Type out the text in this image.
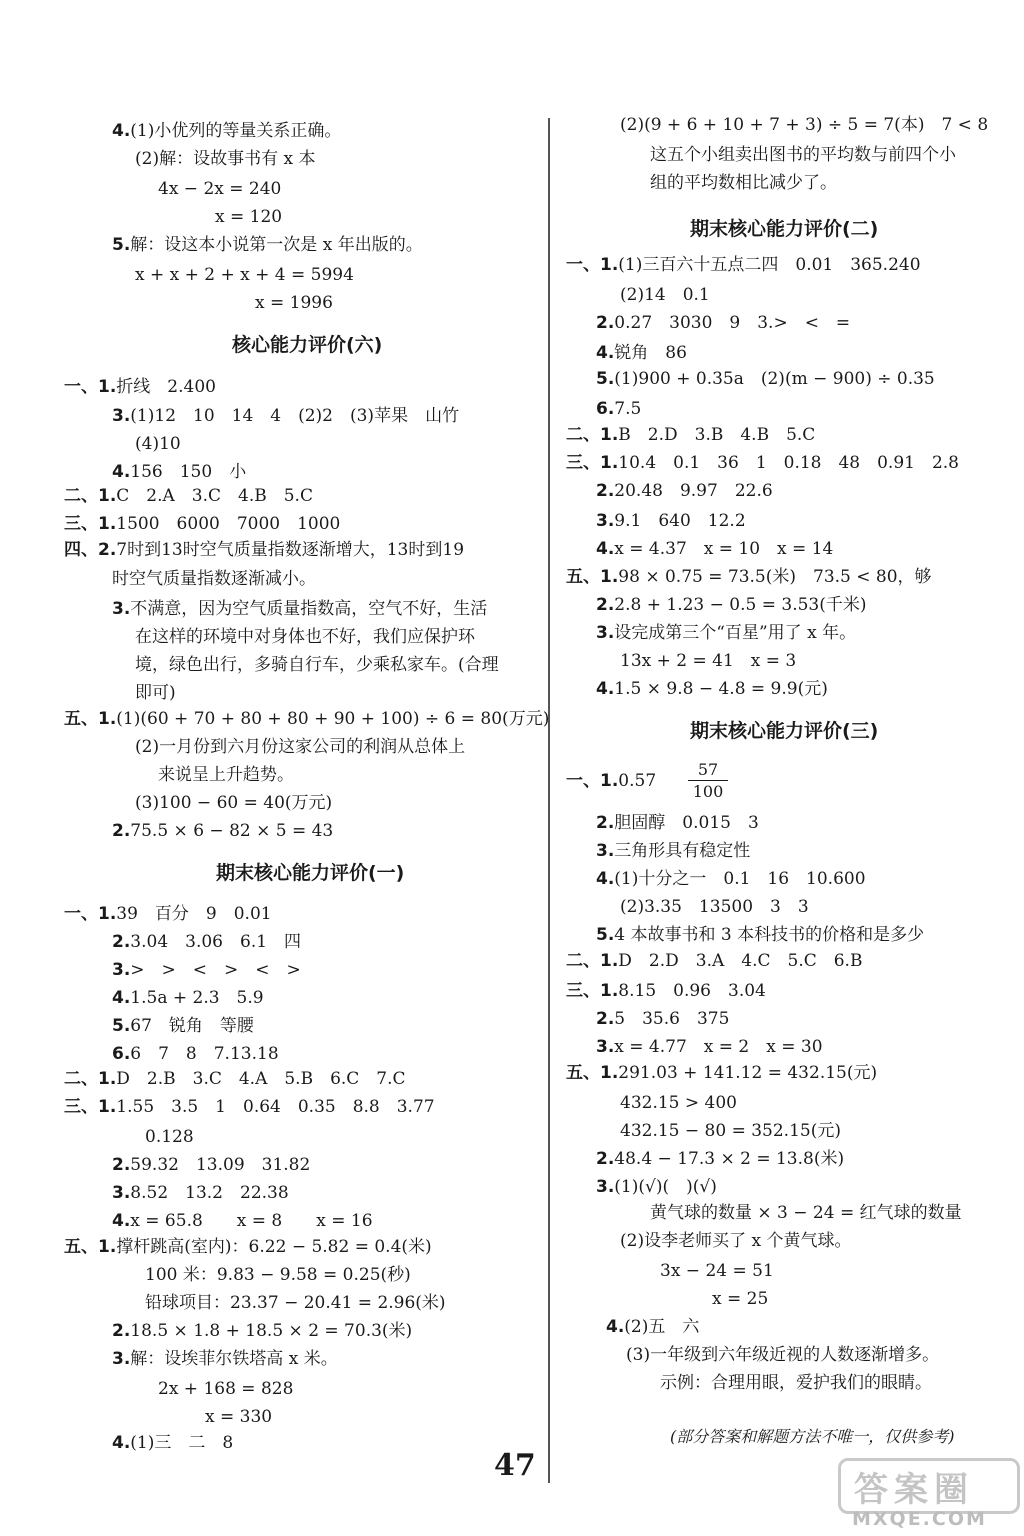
4.(1)小优列的等量关系正确。
(2)解：设故事书有 x 本
4x − 2x = 240
x = 120
5.解：设这本小说第一次是 x 年出版的。
x + x + 2 + x + 4 = 5994
x = 1996
一、1.折线　2.400
3.(1)12　10　14　4　(2)2　(3)苹果　山竹
(4)10
4.156　150　小
二、1.C　2.A　3.C　4.B　5.C
三、1.1500　6000　7000　1000
四、2.7时到13时空气质量指数逐渐增大，13时到19
时空气质量指数逐渐减小。
3.不满意，因为空气质量指数高，空气不好，生活
在这样的环境中对身体也不好，我们应保护环
境，绿色出行，多骑自行车，少乘私家车。(合理
即可)
五、1.(1)(60 + 70 + 80 + 80 + 90 + 100) ÷ 6 = 80(万元)
(2)一月份到六月份这家公司的利润从总体上
来说呈上升趋势。
(3)100 − 60 = 40(万元)
2.75.5 × 6 − 82 × 5 = 43
一、1.39　百分　9　0.01
2.3.04　3.06　6.1　四
3.>　>　<　>　<　>
4.1.5a + 2.3　5.9
5.67　锐角　等腰
6.6　7　8　7.13.18
二、1.D　2.B　3.C　4.A　5.B　6.C　7.C
三、1.1.55　3.5　1　0.64　0.35　8.8　3.77
0.128
2.59.32　13.09　31.82
3.8.52　13.2　22.38
4.x = 65.8　　x = 8　　x = 16
五、1.撑杆跳高(室内)：6.22 − 5.82 = 0.4(米)
100 米：9.83 − 9.58 = 0.25(秒)
铅球项目：23.37 − 20.41 = 2.96(米)
2.18.5 × 1.8 + 18.5 × 2 = 70.3(米)
3.解：设埃菲尔铁塔高 x 米。
2x + 168 = 828
x = 330
4.(1)三　二　8
核心能力评价(六)
期末核心能力评价(一)
(2)(9 + 6 + 10 + 7 + 3) ÷ 5 = 7(本)　7 < 8
这五个小组卖出图书的平均数与前四个小
组的平均数相比减少了。
一、1.(1)三百六十五点二四　0.01　365.240
(2)14　0.1
2.0.27　3030　9　3.>　<　=
4.锐角　86
5.(1)900 + 0.35a　(2)(m − 900) ÷ 0.35
6.7.5
二、1.B　2.D　3.B　4.B　5.C
三、1.10.4　0.1　36　1　0.18　48　0.91　2.8
2.20.48　9.97　22.6
3.9.1　640　12.2
4.x = 4.37　x = 10　x = 14
五、1.98 × 0.75 = 73.5(米)　73.5 < 80，够
2.2.8 + 1.23 − 0.5 = 3.53(千米)
3.设完成第三个“百星”用了 x 年。
13x + 2 = 41　x = 3
4.1.5 × 9.8 − 4.8 = 9.9(元)
一、1.0.57
2.胆固醇　0.015　3
3.三角形具有稳定性
4.(1)十分之一　0.1　16　10.600
(2)3.35　13500　3　3
5.4 本故事书和 3 本科技书的价格和是多少
二、1.D　2.D　3.A　4.C　5.C　6.B
三、1.8.15　0.96　3.04
2.5　35.6　375
3.x = 4.77　x = 2　x = 30
五、1.291.03 + 141.12 = 432.15(元)
432.15 > 400
432.15 − 80 = 352.15(元)
2.48.4 − 17.3 × 2 = 13.8(米)
3.(1)(√)(　)(√)
黄气球的数量 × 3 − 24 = 红气球的数量
(2)设李老师买了 x 个黄气球。
3x − 24 = 51
x = 25
4.(2)五　六
(3)一年级到六年级近视的人数逐渐增多。
示例：合理用眼，爱护我们的眼睛。
期末核心能力评价(二)
期末核心能力评价(三)
57
100
(部分答案和解题方法不唯一，仅供参考)
47
答案圈
MXQE.COM
